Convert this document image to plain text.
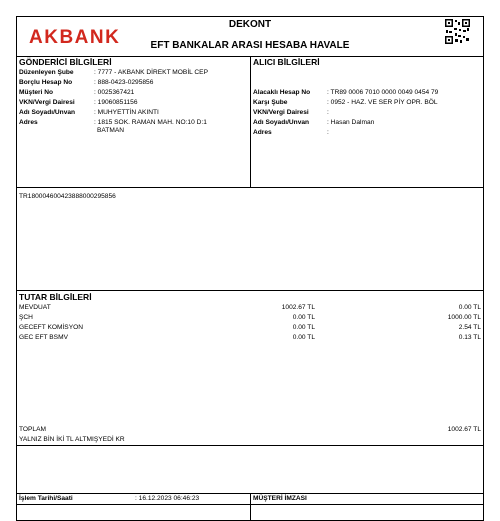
AKBANK
DEKONT
EFT BANKALAR ARASI HESABA HAVALE
GÖNDERİCİ BİLGİLERİ	ALICI BİLGİLERİ
Düzenleyen Şube	: 7777 - AKBANK DİREKT MOBİL CEP
Borçlu Hesap No	: 888-0423-0295856
Müşteri No	: 0025367421
VKN/Vergi Dairesi	: 19060851156
Adı Soyadı/Unvan	: MUHYETTİN AKINTI
Adres	: 1815 SOK. RAMAN MAH. NO:10 D:1
BATMAN
Alacaklı Hesap No	: TR89 0006 7010 0000 0049 0454 79
Karşı Şube	: 0952 - HAZ. VE SER PİY OPR. BÖL
VKN/Vergi Dairesi	:
Adı Soyadı/Unvan	: Hasan Dalman
Adres	:
TR18000460042388800029585​6
TUTAR BİLGİLERİ
MEVDUAT	1002.67 TL	0.00 TL
ŞCH	0.00 TL	1000.00 TL
GECEFT KOMİSYON	0.00 TL	2.54 TL
GEC EFT BSMV	0.00 TL	0.13 TL
TOPLAM	1002.67 TL
YALNIZ BİN İKİ TL ALTMIŞYEDİ KR
İşlem Tarihi/Saati	: 16.12.2023 06:46:23	MÜŞTERİ İMZASI
